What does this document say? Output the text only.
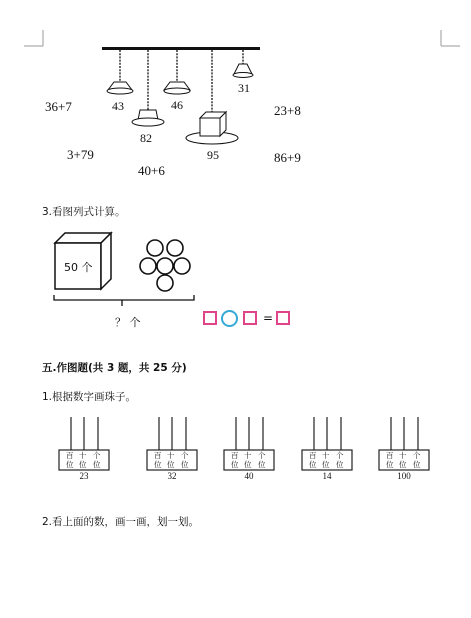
43	46
82
95
31
36+7	23+8
3+79	86+9
40+6
3.看图列式计算。
50 个
？ 个	=
五.作图题(共 3 题，共 25 分)
1.根据数字画珠子。
百
位
十
位
个
位
23
百
位
十
位
个
位
32
百
位
十
位
个
位
40
百
位
十
位
个
位
14
百
位
十
位
个
位
100
2.看上面的数，画一画，划一划。
